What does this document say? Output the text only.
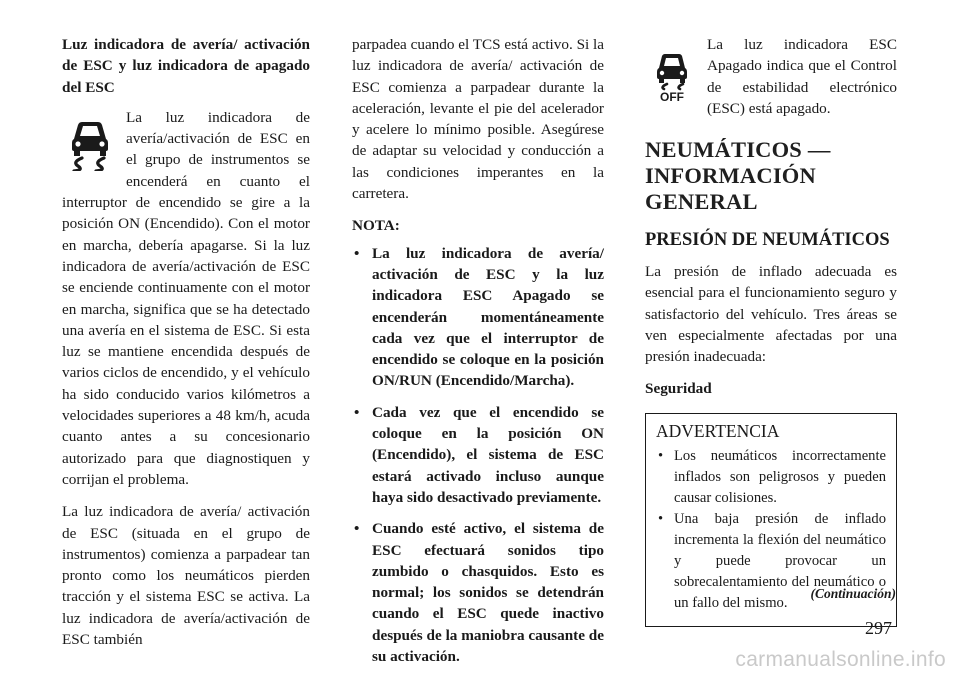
Luz indicadora de avería/ activación de ESC y luz indicadora de apagado del ESC

La luz indicadora de avería/activación de ESC en el grupo de instrumentos se encenderá en cuanto el interruptor de encendido se gire a la posición ON (Encendido). Con el motor en marcha, debería apagarse. Si la luz indicadora de avería/activación de ESC se enciende continuamente con el motor en marcha, significa que se ha detectado una avería en el sistema de ESC. Si esta luz se mantiene encendida después de varios ciclos de encendido, y el vehículo ha sido conducido varios kilómetros a velocidades superiores a 48 km/h, acuda cuanto antes a su concesionario autorizado para que diagnostiquen y corrijan el problema.

La luz indicadora de avería/ activación de ESC (situada en el grupo de instrumentos) comienza a parpadear tan pronto como los neumáticos pierden tracción y el sistema ESC se activa. La luz indicadora de avería/activación de ESC también

parpadea cuando el TCS está activo. Si la luz indicadora de avería/ activación de ESC comienza a parpadear durante la aceleración, levante el pie del acelerador y acelere lo mínimo posible. Asegúrese de adaptar su velocidad y conducción a las condiciones imperantes en la carretera.

NOTA:

• La luz indicadora de avería/ activación de ESC y la luz indicadora ESC Apagado se encenderán momentáneamente cada vez que el interruptor de encendido se coloque en la posición ON/RUN (Encendido/Marcha).
• Cada vez que el encendido se coloque en la posición ON (Encendido), el sistema de ESC estará activado incluso aunque haya sido desactivado previamente.
• Cuando esté activo, el sistema de ESC efectuará sonidos tipo zumbido o chasquidos. Esto es normal; los sonidos se detendrán cuando el ESC quede inactivo después de la maniobra causante de su activación.

OFF
La luz indicadora ESC Apagado indica que el Control de estabilidad electrónico (ESC) está apagado.

NEUMÁTICOS — INFORMACIÓN GENERAL

PRESIÓN DE NEUMÁTICOS

La presión de inflado adecuada es esencial para el funcionamiento seguro y satisfactorio del vehículo. Tres áreas se ven especialmente afectadas por una presión inadecuada:

Seguridad

ADVERTENCIA

• Los neumáticos incorrectamente inflados son peligrosos y pueden causar colisiones.
• Una baja presión de inflado incrementa la flexión del neumático y puede provocar un sobrecalentamiento del neumático o un fallo del mismo.
(Continuación)
297
carmanualsonline.info
